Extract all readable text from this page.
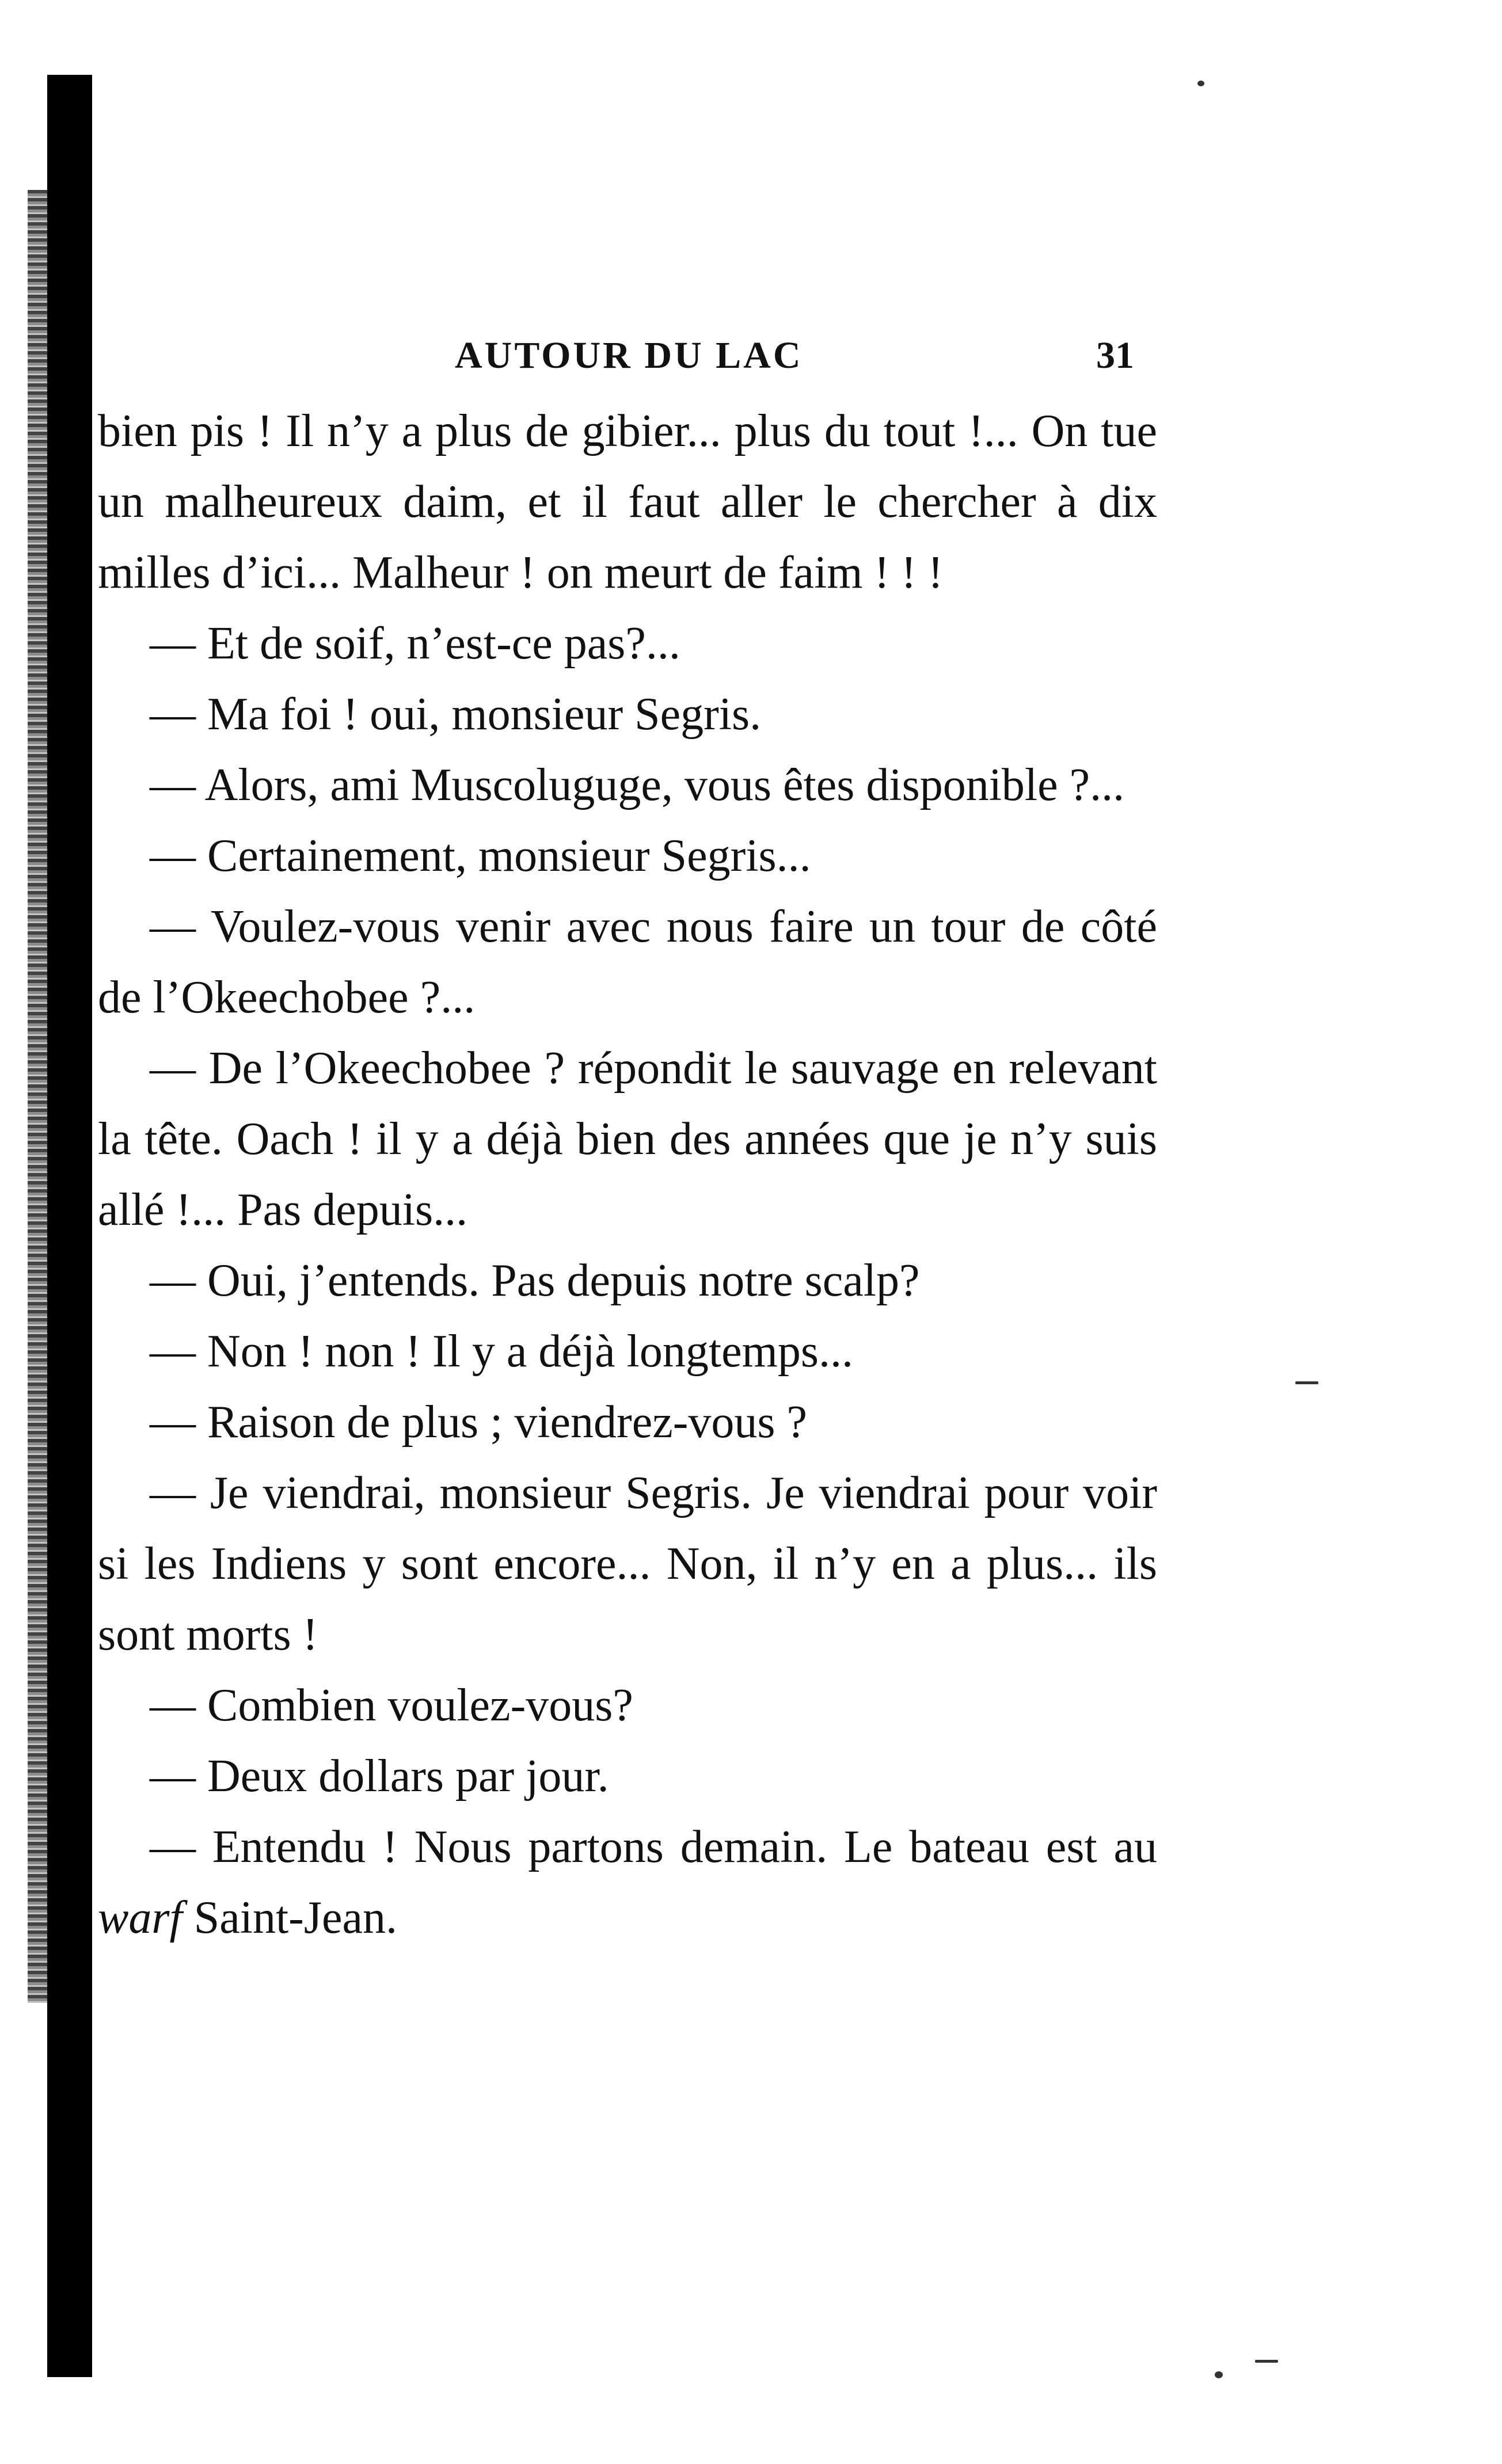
AUTOUR DU LAC	31

bien pis ! Il n’y a plus de gibier... plus du tout !... On tue un malheureux daim, et il faut aller le chercher à dix milles d’ici... Malheur ! on meurt de faim ! ! !

— Et de soif, n’est-ce pas?...

— Ma foi ! oui, monsieur Segris.

— Alors, ami Muscoluguge, vous êtes disponible ?...

— Certainement, monsieur Segris...

— Voulez-vous venir avec nous faire un tour de côté de l’Okeechobee ?...

— De l’Okeechobee ? répondit le sauvage en relevant la tête. Oach ! il y a déjà bien des années que je n’y suis allé !... Pas depuis...

— Oui, j’entends. Pas depuis notre scalp?

— Non ! non ! Il y a déjà longtemps...

— Raison de plus ; viendrez-vous ?

— Je viendrai, monsieur Segris. Je viendrai pour voir si les Indiens y sont encore... Non, il n’y en a plus... ils sont morts !

— Combien voulez-vous?

— Deux dollars par jour.

— Entendu ! Nous partons demain. Le bateau est au warf Saint-Jean.
